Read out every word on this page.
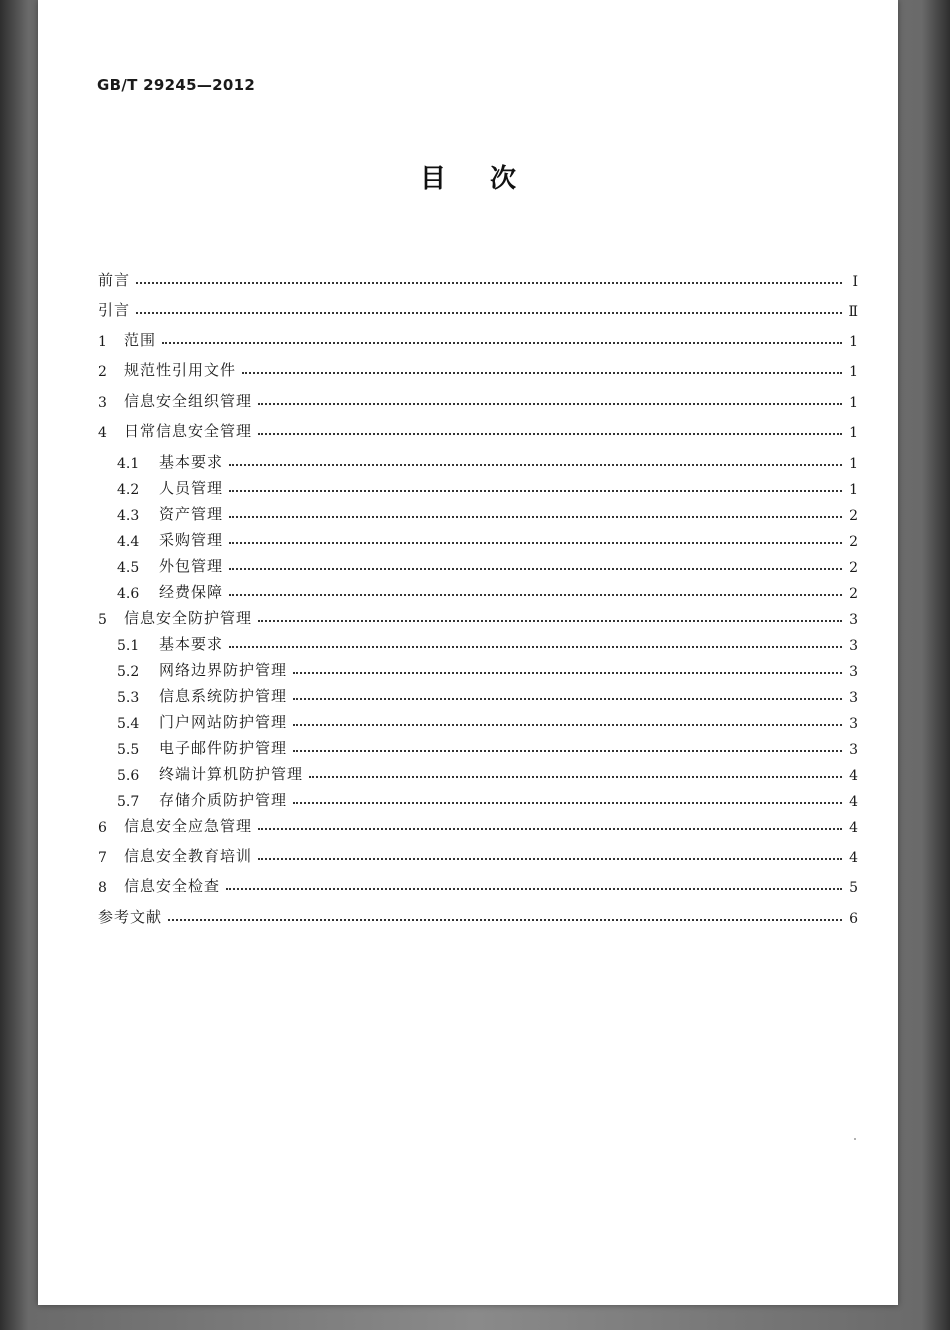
GB/T 29245—2012
目次
前言	Ⅰ
引言	Ⅱ
1	范围	1
2	规范性引用文件	1
3	信息安全组织管理	1
4	日常信息安全管理	1
4.1	基本要求	1
4.2	人员管理	1
4.3	资产管理	2
4.4	采购管理	2
4.5	外包管理	2
4.6	经费保障	2
5	信息安全防护管理	3
5.1	基本要求	3
5.2	网络边界防护管理	3
5.3	信息系统防护管理	3
5.4	门户网站防护管理	3
5.5	电子邮件防护管理	3
5.6	终端计算机防护管理	4
5.7	存储介质防护管理	4
6	信息安全应急管理	4
7	信息安全教育培训	4
8	信息安全检查	5
参考文献	6
